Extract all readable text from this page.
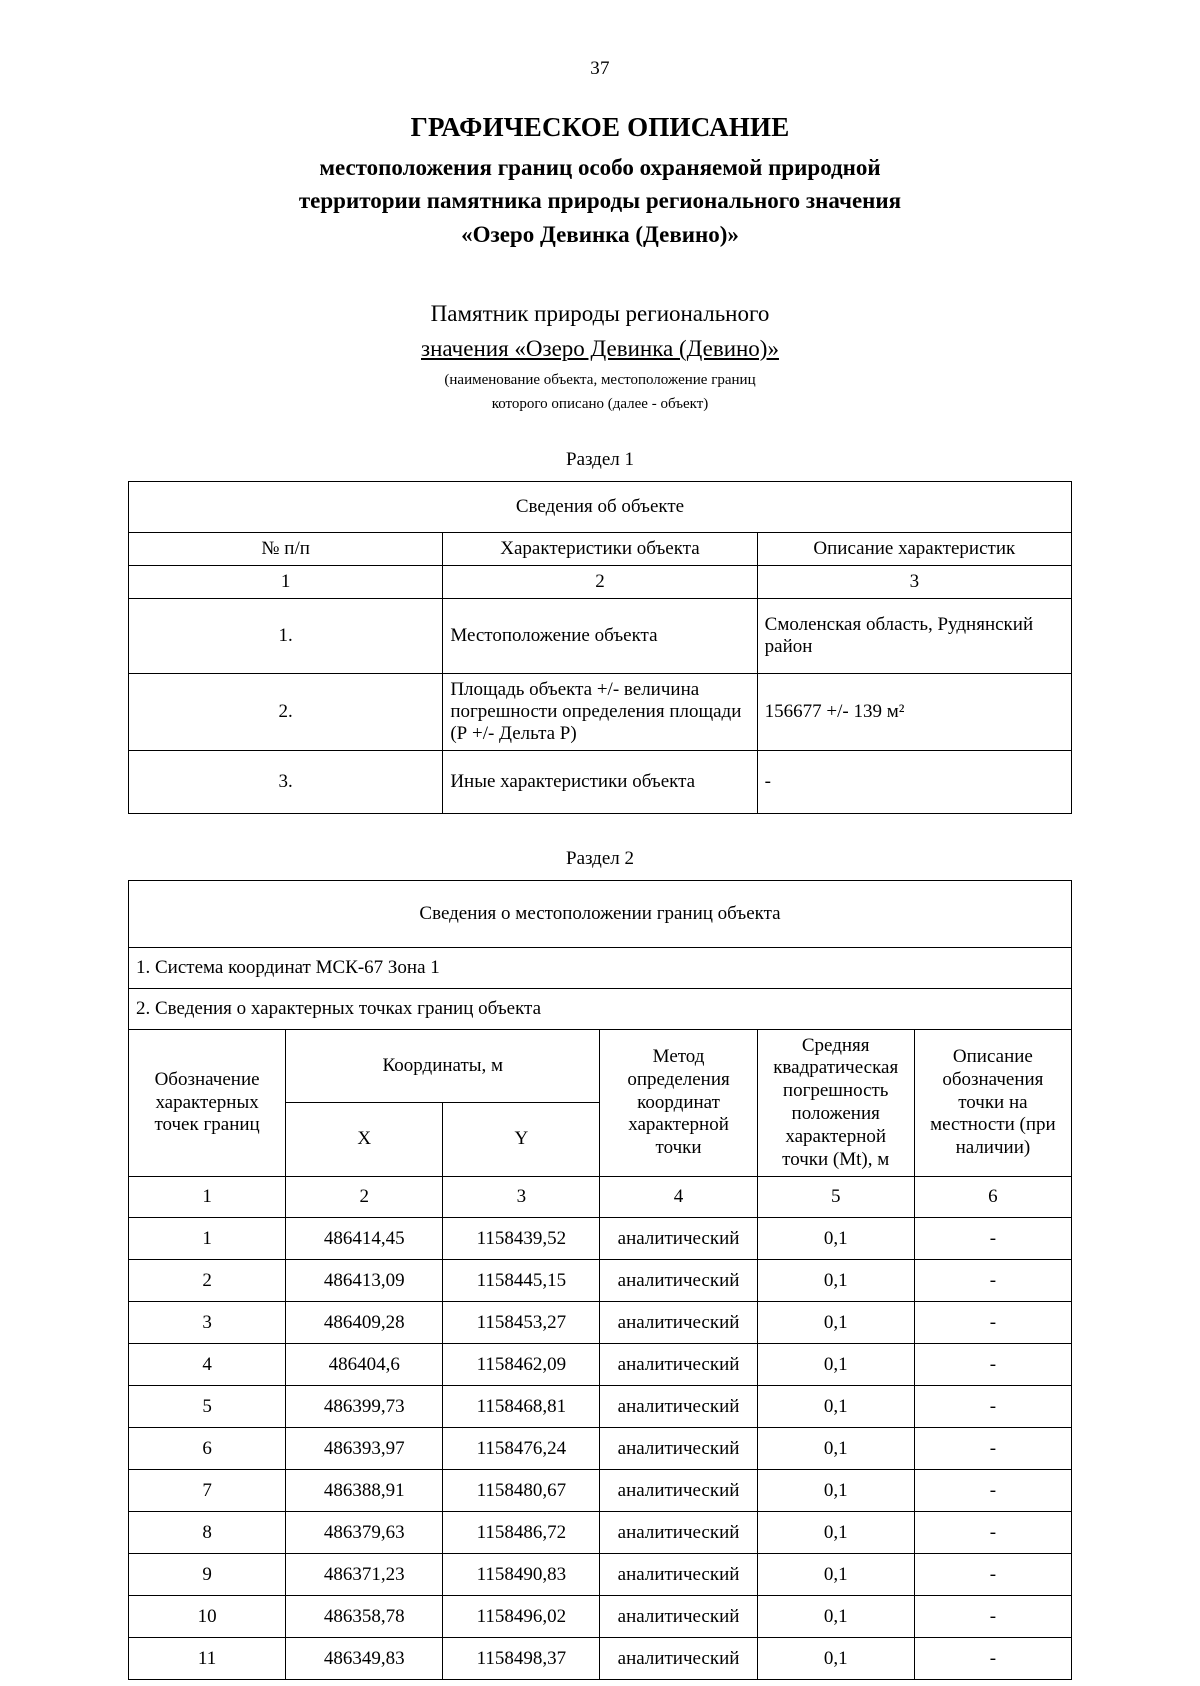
37
ГРАФИЧЕСКОЕ ОПИСАНИЕ
местоположения границ особо охраняемой природной
территории памятника природы регионального значения
«Озеро Девинка (Девино)»
Памятник природы регионального
значения «Озеро Девинка (Девино)»
(наименование объекта, местоположение границ
которого описано (далее - объект)
Раздел 1
Сведения об объекте		
№ п/п	Характеристики объекта	Описание характеристик
1	2	3
1.	Местоположение объекта	Смоленская область, Руднянский район
2.	Площадь объекта +/- величина погрешности определения площади (Р +/- Дельта Р)	156677 +/- 139 м²
3.	Иные характеристики объекта	-
Раздел 2
Сведения о местоположении границ объекта					
1. Система координат МСК-67 Зона 1					
2. Сведения о характерных точках границ объекта					
Обозначение характерных точек границ	Координаты, м		Метод определения координат характерной точки	Средняя квадратическая погрешность положения характерной точки (Mt), м	Описание обозначения точки на местности (при наличии)
	X	Y			
1	2	3	4	5	6
1	486414,45	1158439,52	аналитический	0,1	-
2	486413,09	1158445,15	аналитический	0,1	-
3	486409,28	1158453,27	аналитический	0,1	-
4	486404,6	1158462,09	аналитический	0,1	-
5	486399,73	1158468,81	аналитический	0,1	-
6	486393,97	1158476,24	аналитический	0,1	-
7	486388,91	1158480,67	аналитический	0,1	-
8	486379,63	1158486,72	аналитический	0,1	-
9	486371,23	1158490,83	аналитический	0,1	-
10	486358,78	1158496,02	аналитический	0,1	-
11	486349,83	1158498,37	аналитический	0,1	-
